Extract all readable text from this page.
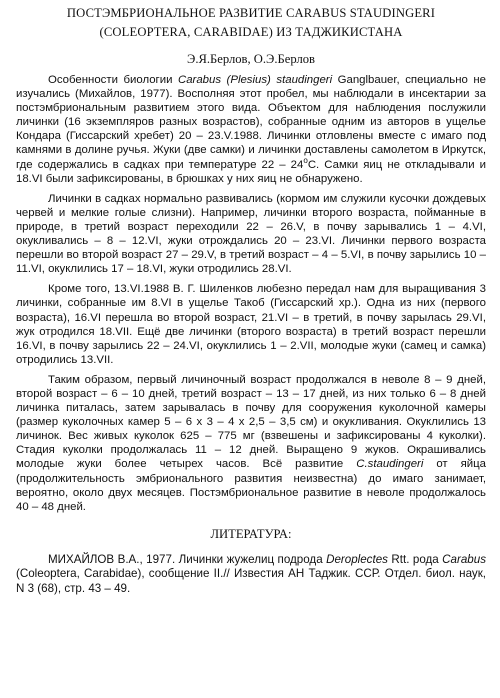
ПОСТЭМБРИОНАЛЬНОЕ РАЗВИТИЕ CARABUS STAUDINGERI
(COLEOPTERA, CARABIDAE) ИЗ ТАДЖИКИСТАНА
Э.Я.Берлов, О.Э.Берлов

Особенности биологии Carabus (Plesius) staudingeri Ganglbauer, специально не изучались (Михайлов, 1977). Восполняя этот пробел, мы наблюдали в инсектарии за постэмбриональным развитием этого вида. Объектом для наблюдения послужили личинки (16 экземпляров разных возрастов), собранные одним из авторов в ущелье Кондара (Гиссарский хребет) 20 – 23.V.1988. Личинки отловлены вместе с имаго под камнями в долине ручья. Жуки (две самки) и личинки доставлены самолетом в Иркутск, где содержались в садках при температуре $22 - 24^оС$. Самки яиц не откладывали и 18.VI были зафиксированы, в брюшках у них яиц не обнаружено.

Личинки в садках нормально развивались (кормом им служили кусочки дождевых червей и мелкие голые слизни). Например, личинки второго возраста, пойманные в природе, в третий возраст переходили 22 – 26.V, в почву зарывались 1 – 4.VI, окукливались – 8 – 12.VI, жуки отрождались 20 – 23.VI. Личинки первого возраста перешли во второй возраст 27 – 29.V, в третий возраст – 4 – 5.VI, в почву зарылись 10 – 11.VI, окуклились 17 – 18.VI, жуки отродились 28.VI.

Кроме того, 13.VI.1988 В. Г. Шиленков любезно передал нам для выращивания 3 личинки, собранные им 8.VI в ущелье Такоб (Гиссарский хр.). Одна из них (первого возраста), 16.VI перешла во второй возраст, 21.VI – в третий, в почву зарылась 29.VI, жук отродился 18.VII. Ещё две личинки (второго возраста) в третий возраст перешли 16.VI, в почву зарылись 22 – 24.VI, окуклились 1 – 2.VII, молодые жуки (самец и самка) отродились 13.VII.

Таким образом, первый личиночный возраст продолжался в неволе 8 – 9 дней, второй возраст – 6 – 10 дней, третий возраст – 13 – 17 дней, из них только 6 – 8 дней личинка питалась, затем зарывалась в почву для сооружения куколочной камеры (размер куколочных камер 5 – 6 х 3 – 4 х 2,5 – 3,5 см) и окукливания. Окуклились 13 личинок. Вес живых куколок 625 – 775 мг (взвешены и зафиксированы 4 куколки). Стадия куколки продолжалась 11 – 12 дней. Выращено 9 жуков. Окрашивались молодые жуки более четырех часов. Всё развитие C.staudingeri от яйца (продолжительность эмбрионального развития неизвестна) до имаго занимает, вероятно, около двух месяцев. Постэмбриональное развитие в неволе продолжалось 40 – 48 дней.

ЛИТЕРАТУРА:

МИХАЙЛОВ В.А., 1977. Личинки жужелиц подрода Deroplectes Rtt. рода Carabus (Coleoptera, Carabidae), сообщение II.// Известия АН Таджик. ССР. Отдел. биол. наук, N 3 (68), стр. 43 – 49.
